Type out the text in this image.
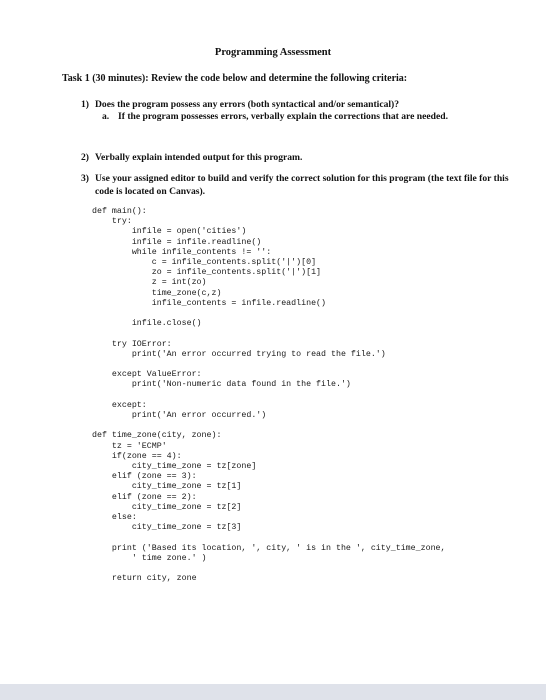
Programming Assessment
Task 1 (30 minutes): Review the code below and determine the following criteria:
1) Does the program possess any errors (both syntactical and/or semantical)?
a. If the program possesses errors, verbally explain the corrections that are needed.
2) Verbally explain intended output for this program.
3) Use your assigned editor to build and verify the correct solution for this program (the text file for this code is located on Canvas).
def main():
try:
infile = open('cities')
infile = infile.readline()
while infile_contents != '':
c = infile_contents.split('|')[0]
zo = infile_contents.split('|')[1]
z = int(zo)
time_zone(c,z)
infile_contents = infile.readline()

infile.close()

try IOError:
print('An error occurred trying to read the file.')

except ValueError:
print('Non-numeric data found in the file.')

except:
print('An error occurred.')

def time_zone(city, zone):
tz = 'ECMP'
if(zone == 4):
city_time_zone = tz[zone]
elif (zone == 3):
city_time_zone = tz[1]
elif (zone == 2):
city_time_zone = tz[2]
else:
city_time_zone = tz[3]

print ('Based its location, ', city, ' is in the ', city_time_zone,
' time zone.' )

return city, zone
